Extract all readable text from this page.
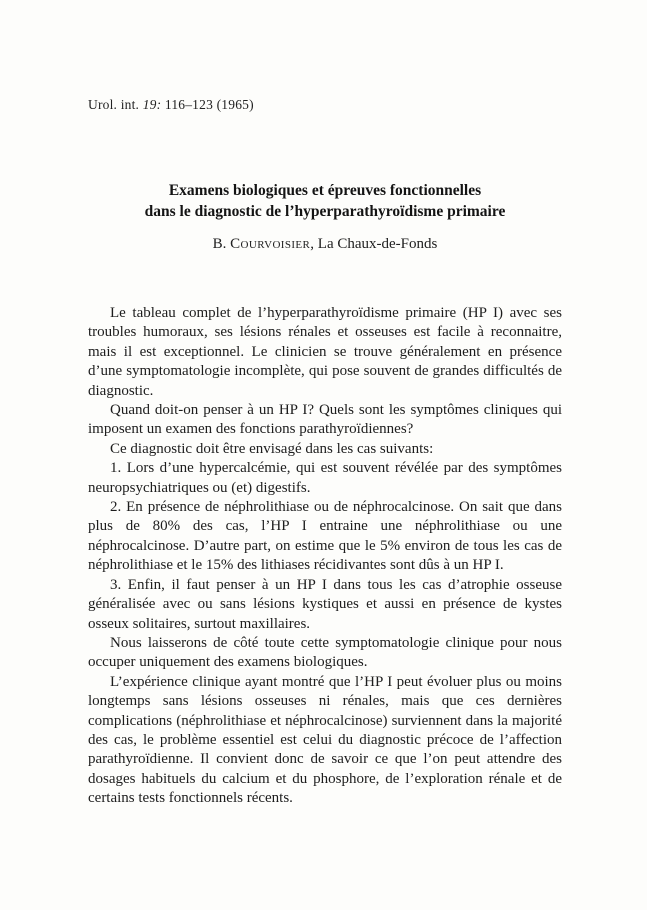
Urol. int. 19: 116–123 (1965)
Examens biologiques et épreuves fonctionnelles
dans le diagnostic de l’hyperparathyroïdisme primaire
B. Courvoisier, La Chaux-de-Fonds

Le tableau complet de l’hyperparathyroïdisme primaire (HP I) avec ses troubles humoraux, ses lésions rénales et osseuses est facile à reconnaitre, mais il est exceptionnel. Le clinicien se trouve généralement en présence d’une symptomatologie incomplète, qui pose souvent de grandes difficultés de diagnostic.

Quand doit-on penser à un HP I? Quels sont les symptômes cliniques qui imposent un examen des fonctions parathyroïdiennes?

Ce diagnostic doit être envisagé dans les cas suivants:

1. Lors d’une hypercalcémie, qui est souvent révélée par des symptômes neuropsychiatriques ou (et) digestifs.

2. En présence de néphrolithiase ou de néphrocalcinose. On sait que dans plus de 80% des cas, l’HP I entraine une néphrolithiase ou une néphrocalcinose. D’autre part, on estime que le 5% environ de tous les cas de néphrolithiase et le 15% des lithiases récidivantes sont dûs à un HP I.

3. Enfin, il faut penser à un HP I dans tous les cas d’atrophie osseuse généralisée avec ou sans lésions kystiques et aussi en présence de kystes osseux solitaires, surtout maxillaires.

Nous laisserons de côté toute cette symptomatologie clinique pour nous occuper uniquement des examens biologiques.

L’expérience clinique ayant montré que l’HP I peut évoluer plus ou moins longtemps sans lésions osseuses ni rénales, mais que ces dernières complications (néphrolithiase et néphrocalcinose) surviennent dans la majorité des cas, le problème essentiel est celui du diagnostic précoce de l’affection parathyroïdienne. Il convient donc de savoir ce que l’on peut attendre des dosages habituels du calcium et du phosphore, de l’exploration rénale et de certains tests fonctionnels récents.
